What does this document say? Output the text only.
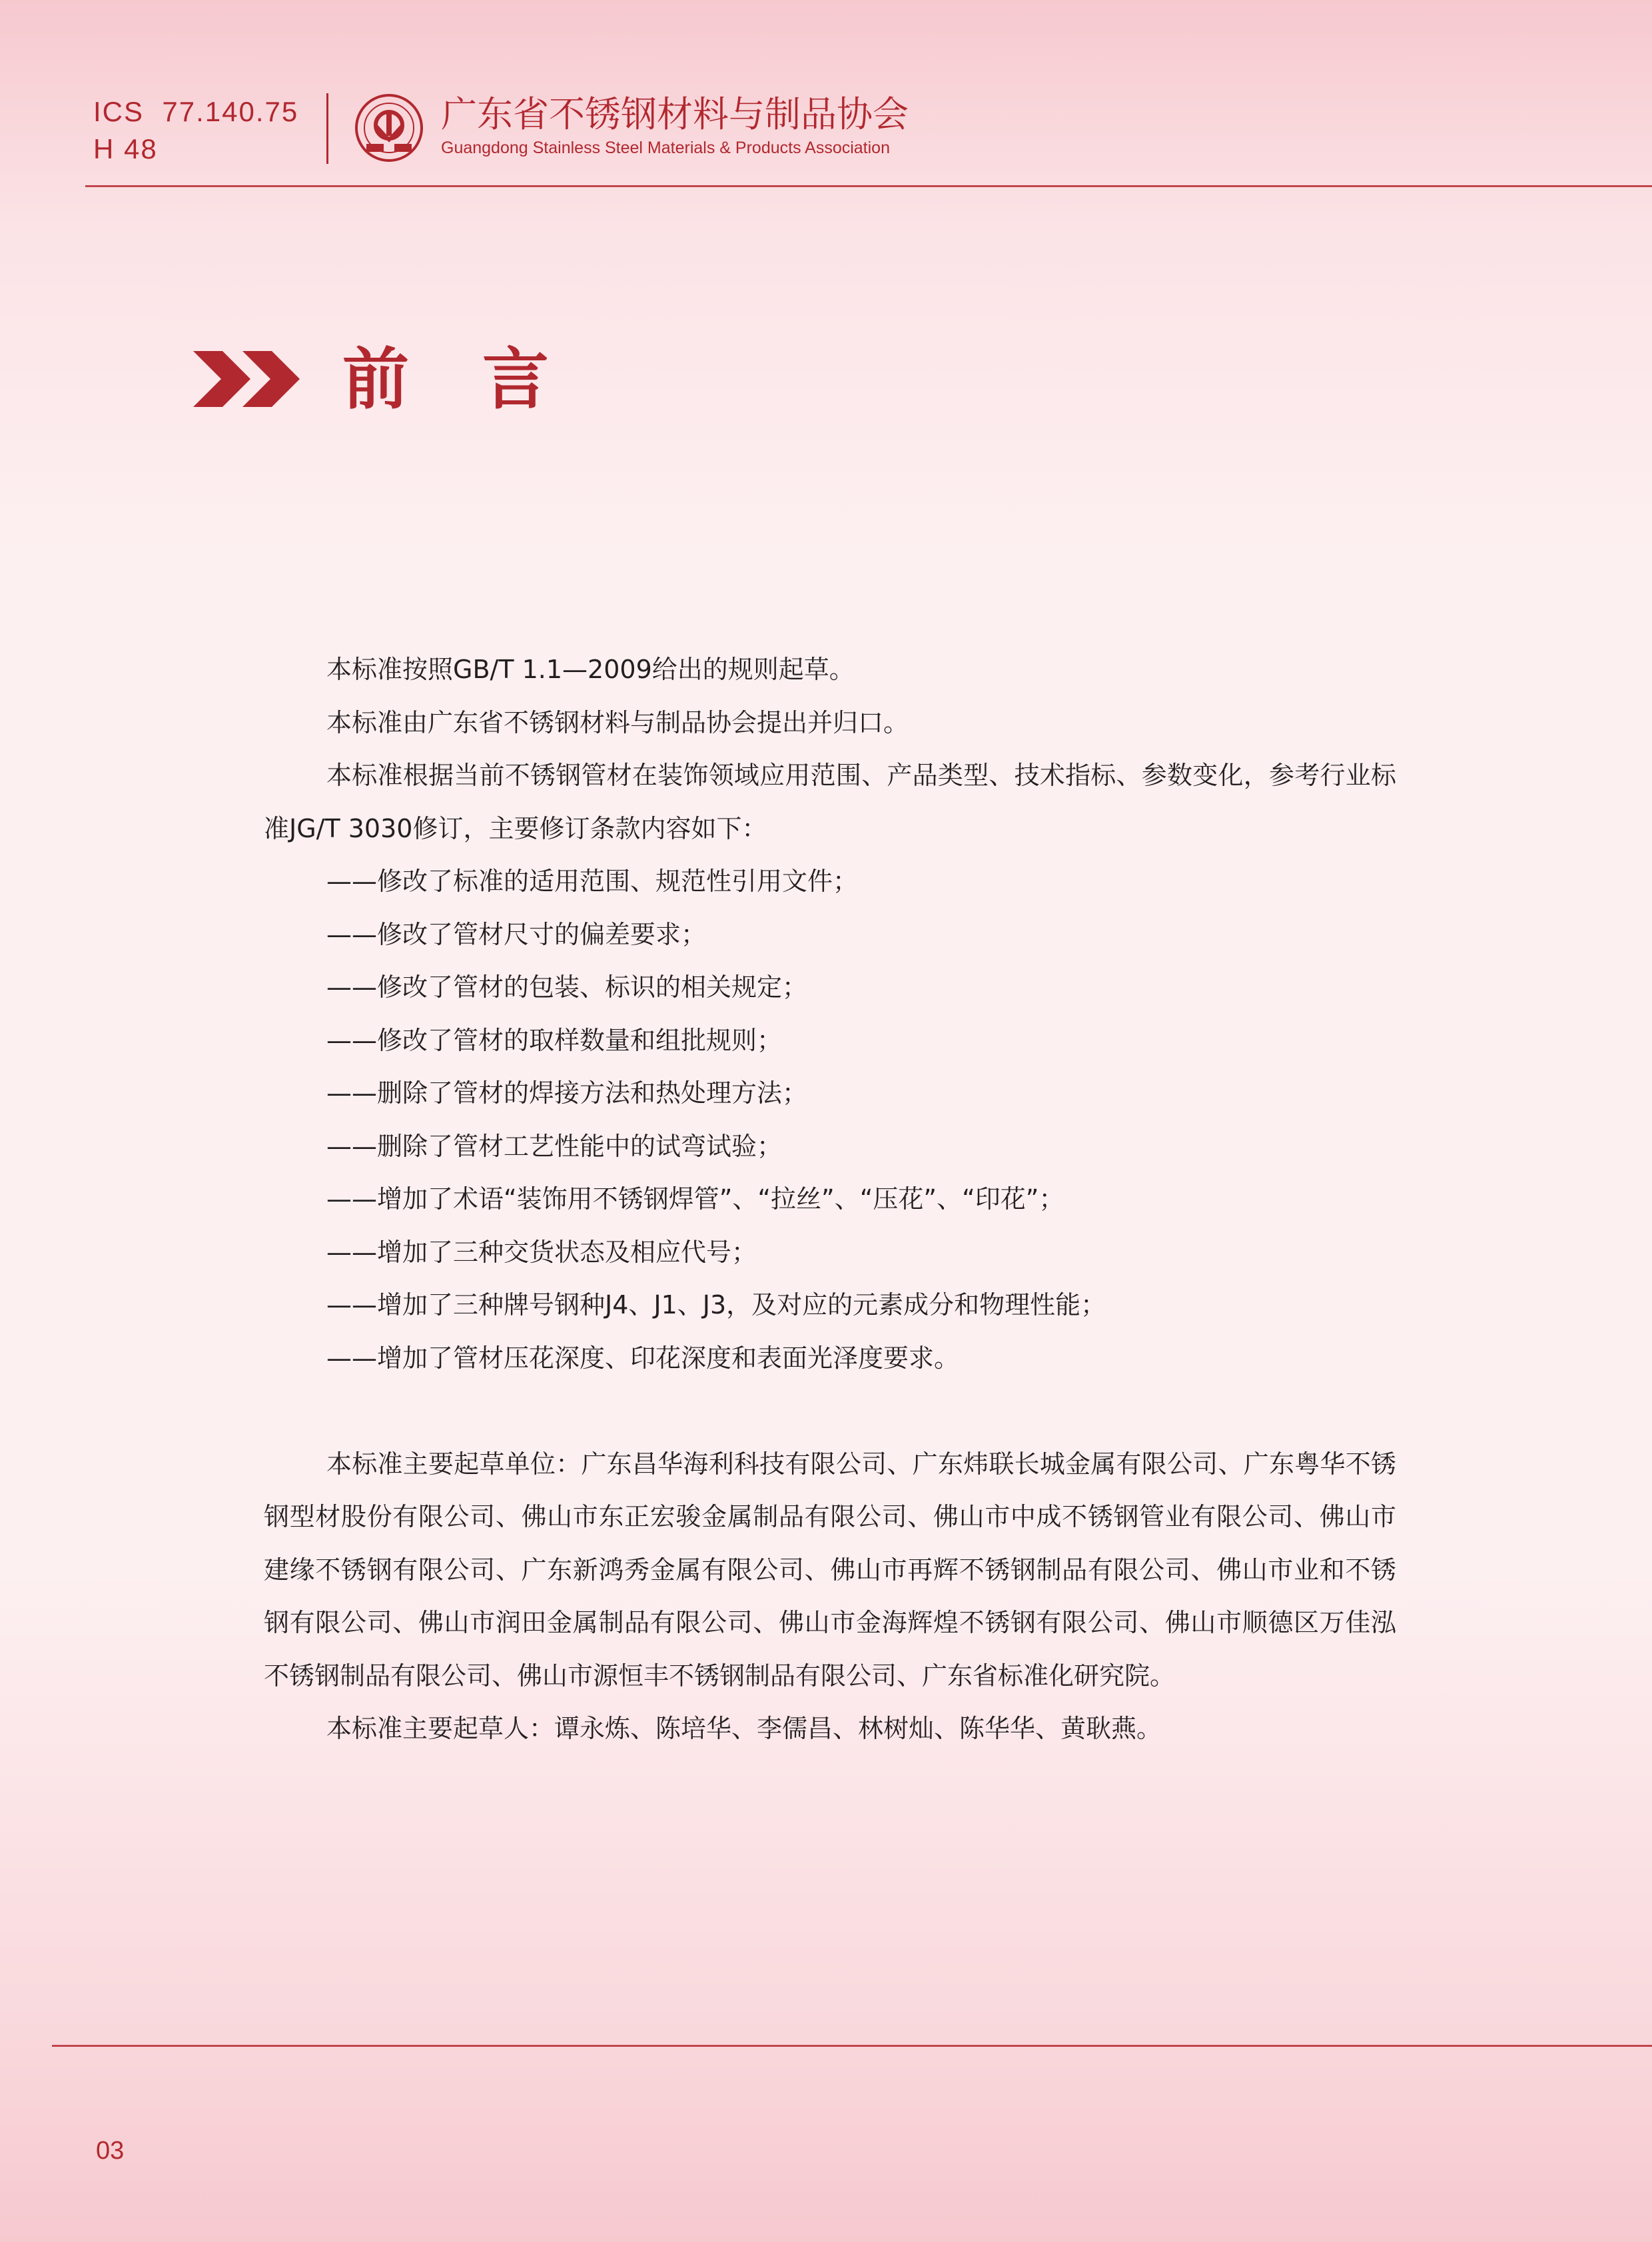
ICS  77.140.75
H 48
广东省不锈钢材料与制品协会
Guangdong Stainless Steel Materials & Products Association
前言

本标准按照GB/T 1.1—2009给出的规则起草。

本标准由广东省不锈钢材料与制品协会提出并归口。

本标准根据当前不锈钢管材在装饰领域应用范围、产品类型、技术指标、参数变化，参考行业标准JG/T 3030修订，主要修订条款内容如下：

——修改了标准的适用范围、规范性引用文件；

——修改了管材尺寸的偏差要求；

——修改了管材的包装、标识的相关规定；

——修改了管材的取样数量和组批规则；

——删除了管材的焊接方法和热处理方法；

——删除了管材工艺性能中的试弯试验；

——增加了术语“装饰用不锈钢焊管”、“拉丝”、“压花”、“印花”；

——增加了三种交货状态及相应代号；

——增加了三种牌号钢种J4、J1、J3，及对应的元素成分和物理性能；

——增加了管材压花深度、印花深度和表面光泽度要求。

本标准主要起草单位：广东昌华海利科技有限公司、广东炜联长城金属有限公司、广东粤华不锈钢型材股份有限公司、佛山市东正宏骏金属制品有限公司、佛山市中成不锈钢管业有限公司、佛山市建缘不锈钢有限公司、广东新鸿秀金属有限公司、佛山市再辉不锈钢制品有限公司、佛山市业和不锈钢有限公司、佛山市润田金属制品有限公司、佛山市金海辉煌不锈钢有限公司、佛山市顺德区万佳泓不锈钢制品有限公司、佛山市源恒丰不锈钢制品有限公司、广东省标准化研究院。

本标准主要起草人：谭永炼、陈培华、李儒昌、林树灿、陈华华、黄耿燕。

03
